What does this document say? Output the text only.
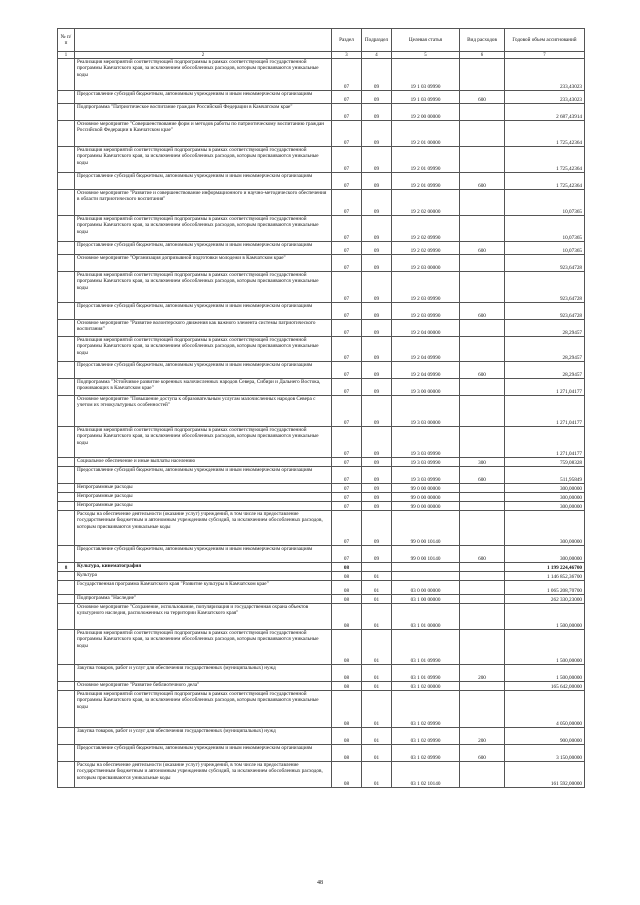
№ п/п		Раздел	Подраздел	Целевая статья	Вид расходов	Годовой объем ассигнований
1	2	3	4	5	6	7
	Реализация мероприятий соответствующей подпрограммы в рамках соответствующей государственной программы Камчатского края, за исключением обособленных расходов, которым присваиваются уникальные коды	07	09	19 1 03 09990		233,43023
	Предоставление субсидий бюджетным, автономным учреждениям и иным некоммерческим организациям	07	09	19 1 03 09990	600	233,43023
	Подпрограмма "Патриотическое воспитание граждан Российской Федерации в Камчатском крае"	07	09	19 2 00 00000		2 687,43914
	Основное мероприятие "Совершенствование форм и методов работы по патриотическому воспитанию граждан Российской Федерации в Камчатском крае"	07	09	19 2 01 00000		1 725,42364
	Реализация мероприятий соответствующей подпрограммы в рамках соответствующей государственной программы Камчатского края, за исключением обособленных расходов, которым присваиваются уникальные коды	07	09	19 2 01 09990		1 725,42364
	Предоставление субсидий бюджетным, автономным учреждениям и иным некоммерческим организациям	07	09	19 2 01 09990	600	1 725,42364
	Основное мероприятие "Развитие и совершенствование информационного и научно-методического обеспечения в области патриотического воспитания"	07	09	19 2 02 00000		10,07365
	Реализация мероприятий соответствующей подпрограммы в рамках соответствующей государственной программы Камчатского края, за исключением обособленных расходов, которым присваиваются уникальные коды	07	09	19 2 02 09990		10,07365
	Предоставление субсидий бюджетным, автономным учреждениям и иным некоммерческим организациям	07	09	19 2 02 09990	600	10,07365
	Основное мероприятие "Организация допризывной подготовки молодежи в Камчатском крае"	07	09	19 2 03 00000		923,64728
	Реализация мероприятий соответствующей подпрограммы в рамках соответствующей государственной программы Камчатского края, за исключением обособленных расходов, которым присваиваются уникальные коды	07	09	19 2 03 09990		923,64728
	Предоставление субсидий бюджетным, автономным учреждениям и иным некоммерческим организациям	07	09	19 2 03 09990	600	923,64728
	Основное мероприятие "Развитие волонтерского движения как важного элемента системы патриотического воспитания"	07	09	19 2 04 00000		28,29457
	Реализация мероприятий соответствующей подпрограммы в рамках соответствующей государственной программы Камчатского края, за исключением обособленных расходов, которым присваиваются уникальные коды	07	09	19 2 04 09990		28,29457
	Предоставление субсидий бюджетным, автономным учреждениям и иным некоммерческим организациям	07	09	19 2 04 09990	600	28,29457
	Подпрограмма "Устойчивое развитие коренных малочисленных народов Севера, Сибири и Дальнего Востока, проживающих в Камчатском крае"	07	09	19 3 00 00000		1 271,04177
	Основное мероприятие "Повышение доступа к образовательным услугам малочисленных народов Севера с учетом их этнокультурных особенностей"	07	09	19 3 03 00000		1 271,04177
	Реализация мероприятий соответствующей подпрограммы в рамках соответствующей государственной программы Камчатского края, за исключением обособленных расходов, которым присваиваются уникальные коды	07	09	19 3 03 09990		1 271,04177
	Социальное обеспечение и иные выплаты населению	07	09	19 3 03 09990	300	759,08328
	Предоставление субсидий бюджетным, автономным учреждениям и иным некоммерческим организациям	07	09	19 3 03 09990	600	511,95849
	Непрограммные расходы	07	09	99 0 00 00000		300,00000
	Непрограммные расходы	07	09	99 0 00 00000		300,00000
	Непрограммные расходы	07	09	99 0 00 00000		300,00000
	Расходы на обеспечение деятельности (оказание услуг) учреждений, в том числе на предоставление государственным бюджетным и автономным учреждениям субсидий, за исключением обособленных расходов, которым присваиваются уникальные коды	07	09	99 0 00 10140		300,00000
	Предоставление субсидий бюджетным, автономным учреждениям и иным некоммерческим организациям	07	09	99 0 00 10140	600	300,00000
8	Культура, кинематография	08				1 199 224,46700
	Культура	08	01			1 146 852,36700
	Государственная программа Камчатского края "Развитие культуры в Камчатском крае"	08	01	03 0 00 00000		1 065 208,70700
	Подпрограмма "Наследие"	08	01	03 1 00 00000		262 330,23000
	Основное мероприятие "Сохранение, использование, популяризация и государственная охрана объектов культурного наследия, расположенных на территории Камчатского края"	08	01	03 1 01 00000		1 500,00000
	Реализация мероприятий соответствующей подпрограммы в рамках соответствующей государственной программы Камчатского края, за исключением обособленных расходов, которым присваиваются уникальные коды	08	01	03 1 01 09990		1 500,00000
	Закупка товаров, работ и услуг для обеспечения государственных (муниципальных) нужд	08	01	03 1 01 09990	200	1 500,00000
	Основное мероприятие "Развитие библиотечного дела"	08	01	03 1 02 00000		165 642,00000
	Реализация мероприятий соответствующей подпрограммы в рамках соответствующей государственной программы Камчатского края, за исключением обособленных расходов, которым присваиваются уникальные коды	08	01	03 1 02 09990		4 050,00000
	Закупка товаров, работ и услуг для обеспечения государственных (муниципальных) нужд	08	01	03 1 02 09990	200	900,00000
	Предоставление субсидий бюджетным, автономным учреждениям и иным некоммерческим организациям	08	01	03 1 02 09990	600	3 150,00000
	Расходы на обеспечение деятельности (оказание услуг) учреждений, в том числе на предоставление государственным бюджетным и автономным учреждениям субсидий, за исключением обособленных расходов, которым присваиваются уникальные коды	08	01	03 1 02 10140		161 592,00000
48
